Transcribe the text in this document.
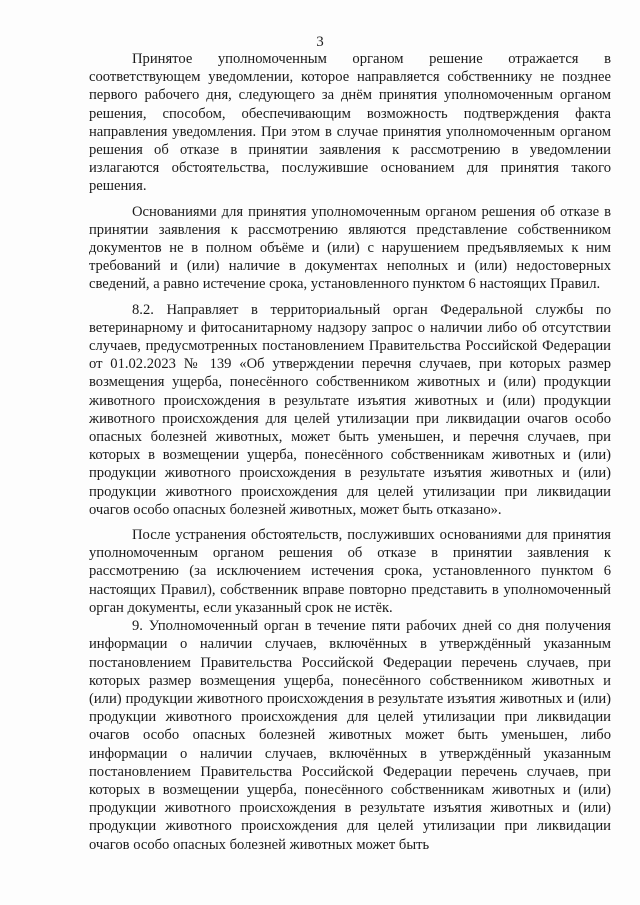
3

Принятое уполномоченным органом решение отражается в соответствующем уведомлении, которое направляется собственнику не позднее первого рабочего дня, следующего за днём принятия уполномоченным органом решения, способом, обеспечивающим возможность подтверждения факта направления уведомления. При этом в случае принятия уполномоченным органом решения об отказе в принятии заявления к рассмотрению в уведомлении излагаются обстоятельства, послужившие основанием для принятия такого решения.

Основаниями для принятия уполномоченным органом решения об отказе в принятии заявления к рассмотрению являются представление собственником документов не в полном объёме и (или) с нарушением предъявляемых к ним требований и (или) наличие в документах неполных и (или) недостоверных сведений, а равно истечение срока, установленного пунктом 6 настоящих Правил.

8.2. Направляет в территориальный орган Федеральной службы по ветеринарному и фитосанитарному надзору запрос о наличии либо об отсутствии случаев, предусмотренных постановлением Правительства Российской Федерации от 01.02.2023 № 139 «Об утверждении перечня случаев, при которых размер возмещения ущерба, понесённого собственником животных и (или) продукции животного происхождения в результате изъятия животных и (или) продукции животного происхождения для целей утилизации при ликвидации очагов особо опасных болезней животных, может быть уменьшен, и перечня случаев, при которых в возмещении ущерба, понесённого собственникам животных и (или) продукции животного происхождения в результате изъятия животных и (или) продукции животного происхождения для целей утилизации при ликвидации очагов особо опасных болезней животных, может быть отказано».

После устранения обстоятельств, послуживших основаниями для принятия уполномоченным органом решения об отказе в принятии заявления к рассмотрению (за исключением истечения срока, установленного пунктом 6 настоящих Правил), собственник вправе повторно представить в уполномоченный орган документы, если указанный срок не истёк.

9. Уполномоченный орган в течение пяти рабочих дней со дня получения информации о наличии случаев, включённых в утверждённый указанным постановлением Правительства Российской Федерации перечень случаев, при которых размер возмещения ущерба, понесённого собственником животных и (или) продукции животного происхождения в результате изъятия животных и (или) продукции животного происхождения для целей утилизации при ликвидации очагов особо опасных болезней животных может быть уменьшен, либо информации о наличии случаев, включённых в утверждённый указанным постановлением Правительства Российской Федерации перечень случаев, при которых в возмещении ущерба, понесённого собственникам животных и (или) продукции животного происхождения в результате изъятия животных и (или) продукции животного происхождения для целей утилизации при ликвидации очагов особо опасных болезней животных может быть
